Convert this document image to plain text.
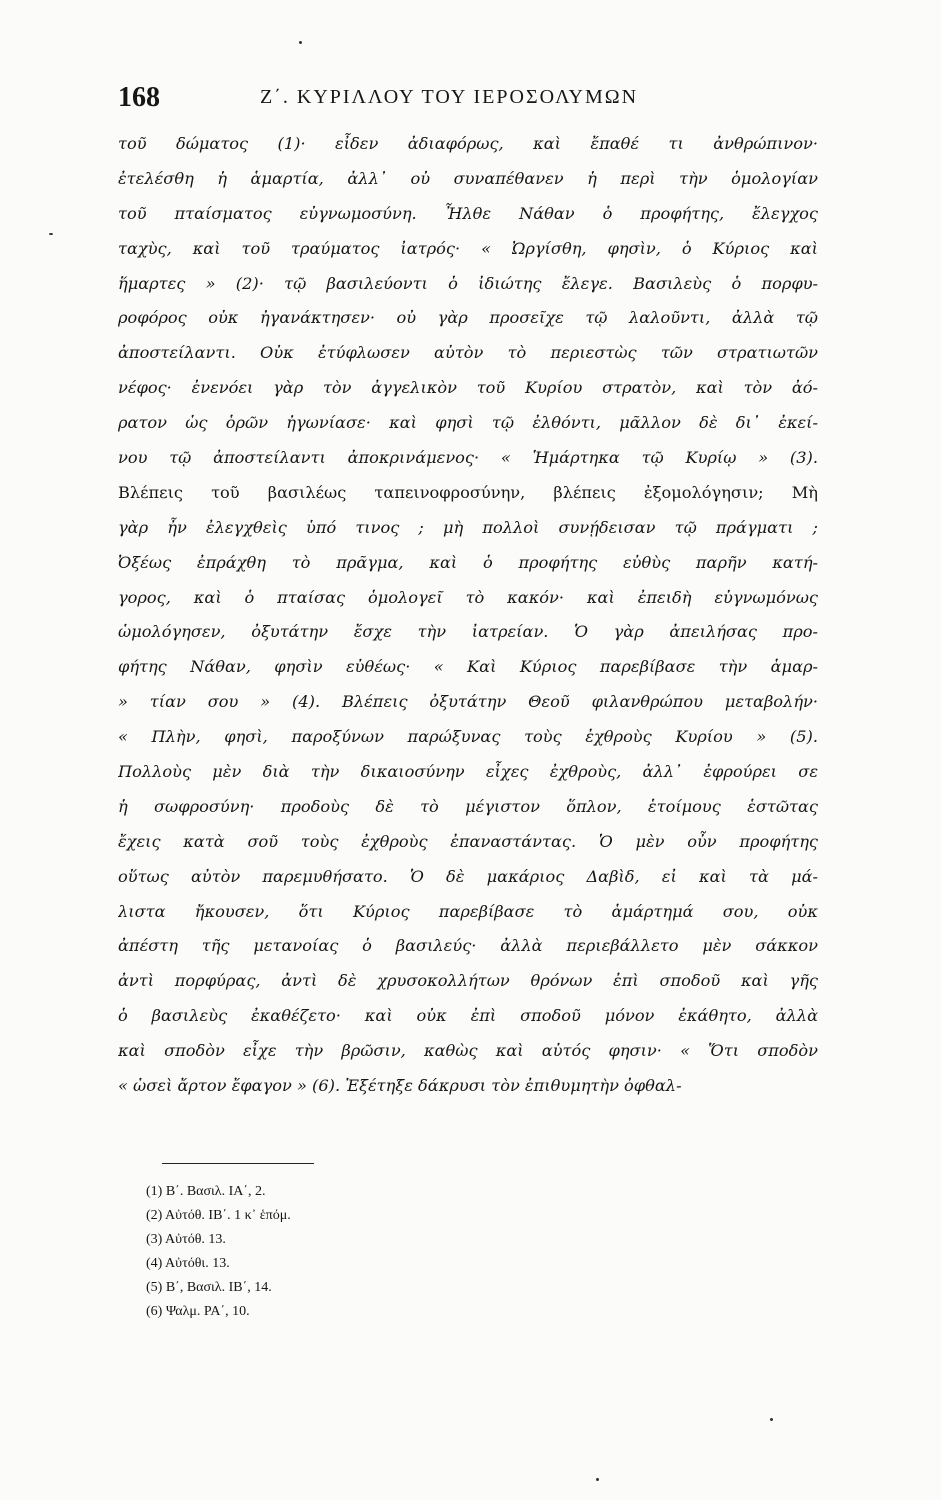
168	Ζ΄. ΚΥΡΙΛΛΟΥ ΤΟΥ ΙΕΡΟΣΟΛΥΜΩΝ
τοῦ δώματος (1)· εἶδεν ἀδιαφόρως, καὶ ἔπαθέ τι ἀνθρώπινον·
ἐτελέσθη ἡ ἁμαρτία, ἀλλ᾿ οὐ συναπέθανεν ἡ περὶ τὴν ὁμολογίαν
τοῦ πταίσματος εὐγνωμοσύνη. Ἦλθε Νάθαν ὁ προφήτης, ἔλεγχος
ταχὺς, καὶ τοῦ τραύματος ἰατρός· « Ὠργίσθη, φησὶν, ὁ Κύριος καὶ
ἥμαρτες » (2)· τῷ βασιλεύοντι ὁ ἰδιώτης ἔλεγε. Βασιλεὺς ὁ πορφυ-
ροφόρος οὐκ ἠγανάκτησεν· οὐ γὰρ προσεῖχε τῷ λαλοῦντι, ἀλλὰ τῷ
ἀποστείλαντι. Οὐκ ἐτύφλωσεν αὐτὸν τὸ περιεστὼς τῶν στρατιωτῶν
νέφος· ἐνενόει γὰρ τὸν ἀγγελικὸν τοῦ Κυρίου στρατὸν, καὶ τὸν ἀό-
ρατον ὡς ὁρῶν ἠγωνίασε· καὶ φησὶ τῷ ἐλθόντι, μᾶλλον δὲ δι᾿ ἐκεί-
νου τῷ ἀποστείλαντι ἀποκρινάμενος· « Ἡμάρτηκα τῷ Κυρίῳ » (3).
Βλέπεις τοῦ βασιλέως ταπεινοφροσύνην, βλέπεις ἐξομολόγησιν; Μὴ
γὰρ ἦν ἐλεγχθεὶς ὑπό τινος ; μὴ πολλοὶ συνῄδεισαν τῷ πράγματι ;
Ὀξέως ἐπράχθη τὸ πρᾶγμα, καὶ ὁ προφήτης εὐθὺς παρῆν κατή-
γορος, καὶ ὁ πταίσας ὁμολογεῖ τὸ κακόν· καὶ ἐπειδὴ εὐγνωμόνως
ὡμολόγησεν, ὀξυτάτην ἔσχε τὴν ἰατρείαν. Ὁ γὰρ ἀπειλήσας προ-
φήτης Νάθαν, φησὶν εὐθέως· « Καὶ Κύριος παρεβίβασε τὴν ἁμαρ-
» τίαν σου » (4). Βλέπεις ὀξυτάτην Θεοῦ φιλανθρώπου μεταβολήν·
« Πλὴν, φησὶ, παροξύνων παρώξυνας τοὺς ἐχθροὺς Κυρίου » (5).
Πολλοὺς μὲν διὰ τὴν δικαιοσύνην εἶχες ἐχθροὺς, ἀλλ᾿ ἐφρούρει σε
ἡ σωφροσύνη· προδοὺς δὲ τὸ μέγιστον ὅπλον, ἑτοίμους ἑστῶτας
ἔχεις κατὰ σοῦ τοὺς ἐχθροὺς ἐπαναστάντας. Ὁ μὲν οὖν προφήτης
οὕτως αὐτὸν παρεμυθήσατο. Ὁ δὲ μακάριος Δαβὶδ, εἰ καὶ τὰ μά-
λιστα ἤκουσεν, ὅτι Κύριος παρεβίβασε τὸ ἁμάρτημά σου, οὐκ
ἀπέστη τῆς μετανοίας ὁ βασιλεύς· ἀλλὰ περιεβάλλετο μὲν σάκκον
ἀντὶ πορφύρας, ἀντὶ δὲ χρυσοκολλήτων θρόνων ἐπὶ σποδοῦ καὶ γῆς
ὁ βασιλεὺς ἐκαθέζετο· καὶ οὐκ ἐπὶ σποδοῦ μόνον ἐκάθητο, ἀλλὰ
καὶ σποδὸν εἶχε τὴν βρῶσιν, καθὼς καὶ αὐτός φησιν· « Ὅτι σποδὸν
« ὡσεὶ ἄρτον ἔφαγον » (6). Ἐξέτηξε δάκρυσι τὸν ἐπιθυμητὴν ὀφθαλ-
(1) Β΄. Βασιλ. ΙΑ΄, 2.
(2) Αὐτόθ. ΙΒ΄. 1 κ᾿ ἑπόμ.
(3) Αὐτόθ. 13.
(4) Αὐτόθι. 13.
(5) Β΄, Βασιλ. ΙΒ΄, 14.
(6) Ψαλμ. ΡΑ΄, 10.
